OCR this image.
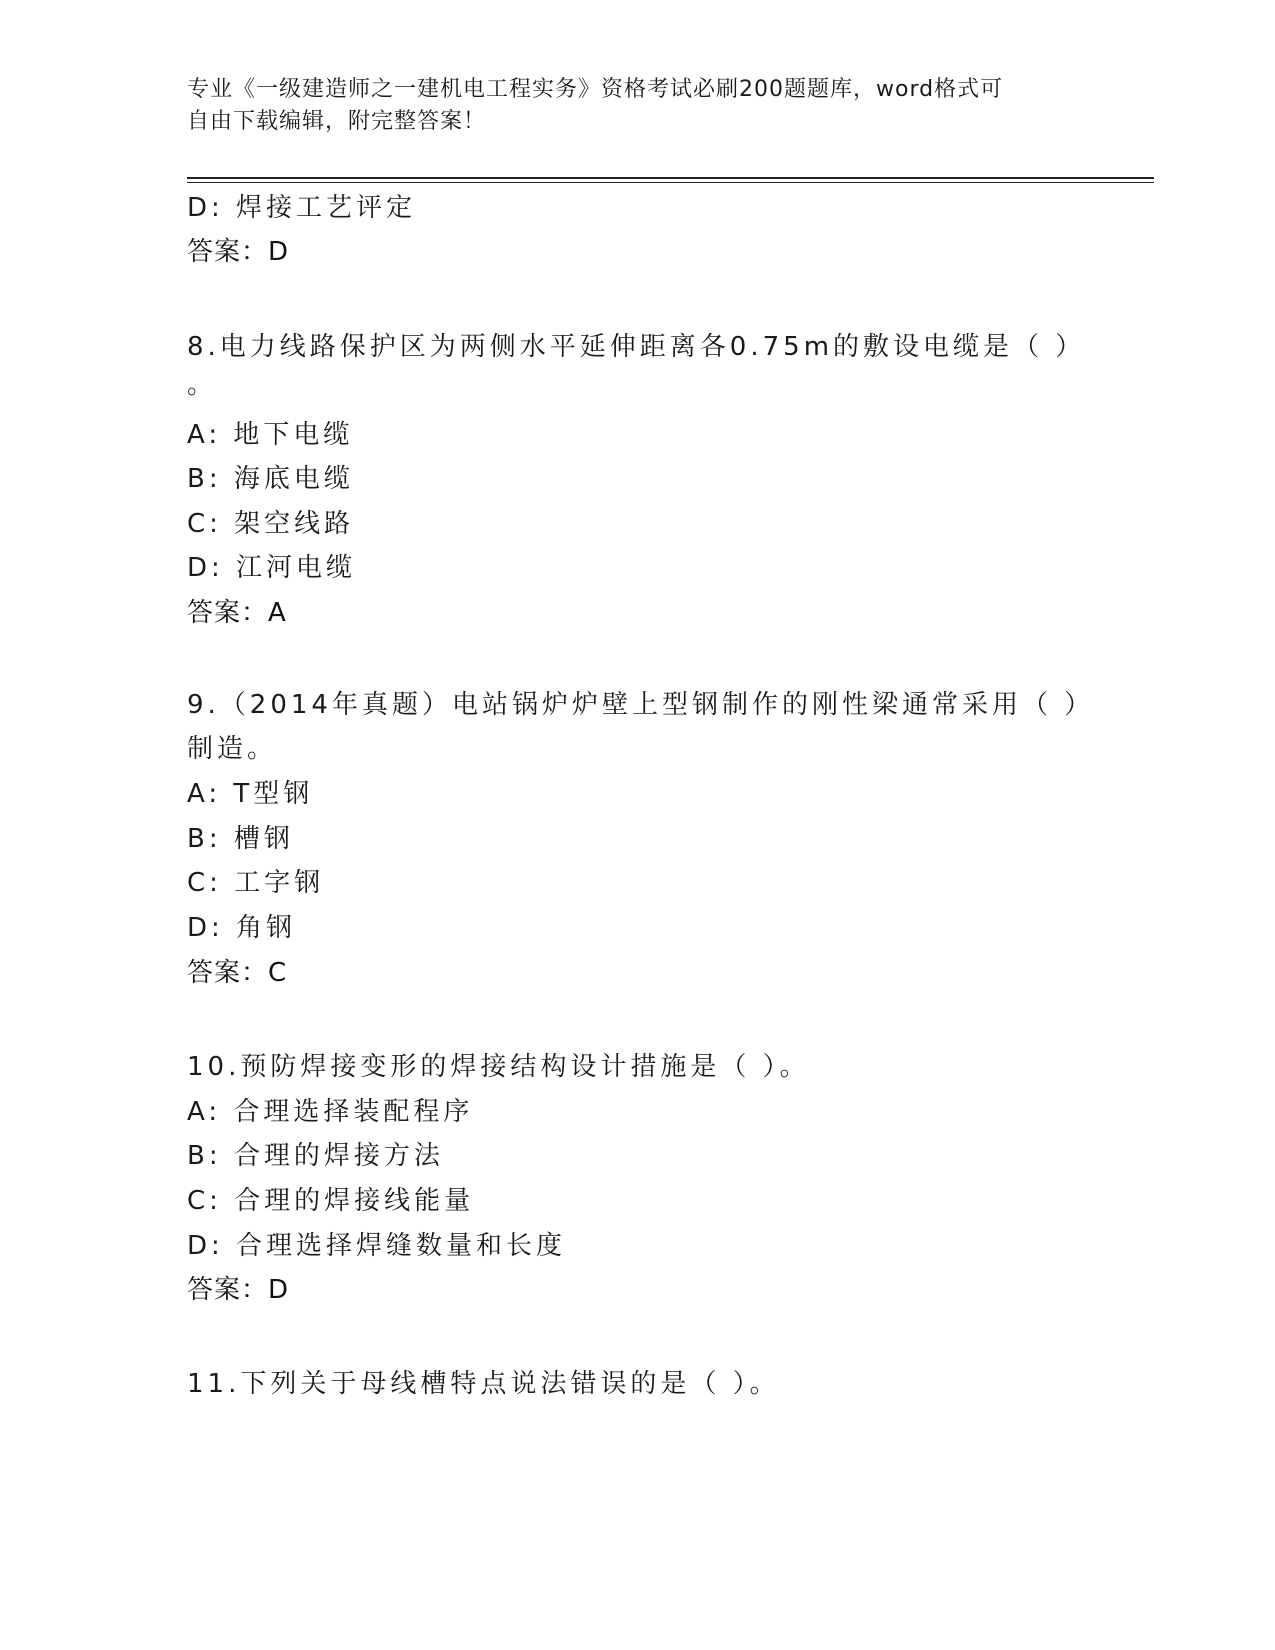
专业《一级建造师之一建机电工程实务》资格考试必刷200题题库，word格式可
自由下载编辑，附完整答案！
D: 焊接工艺评定
答案：D
8.电力线路保护区为两侧水平延伸距离各0.75m的敷设电缆是（ ）
。
A: 地下电缆
B: 海底电缆
C: 架空线路
D: 江河电缆
答案：A
9.（2014年真题）电站锅炉炉壁上型钢制作的刚性梁通常采用（ ）
制造。
A: T型钢
B: 槽钢
C: 工字钢
D: 角钢
答案：C
10.预防焊接变形的焊接结构设计措施是（ ）。
A: 合理选择装配程序
B: 合理的焊接方法
C: 合理的焊接线能量
D: 合理选择焊缝数量和长度
答案：D
11.下列关于母线槽特点说法错误的是（ ）。
